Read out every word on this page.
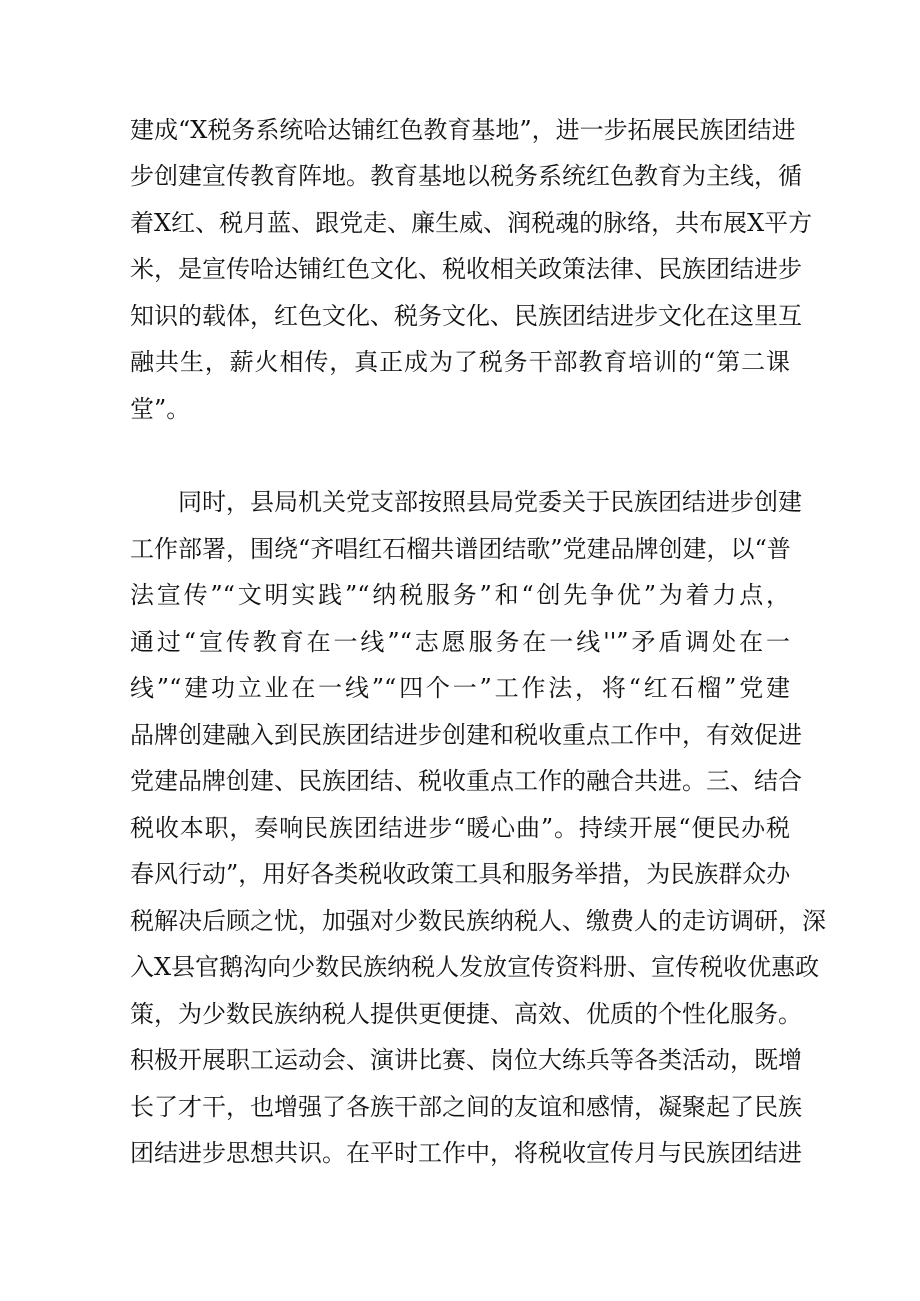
建成“X税务系统哈达铺红色教育基地”，进一步拓展民族团结进
步创建宣传教育阵地。教育基地以税务系统红色教育为主线，循
着X红、税月蓝、跟党走、廉生威、润税魂的脉络，共布展X平方
米，是宣传哈达铺红色文化、税收相关政策法律、民族团结进步
知识的载体，红色文化、税务文化、民族团结进步文化在这里互
融共生，薪火相传，真正成为了税务干部教育培训的“第二课
堂”。
同时，县局机关党支部按照县局党委关于民族团结进步创建
工作部署，围绕“齐唱红石榴共谱团结歌”党建品牌创建，以“普
法宣传”“文明实践”“纳税服务”和“创先争优”为着力点，
通过“宣传教育在一线”“志愿服务在一线''”矛盾调处在一
线”“建功立业在一线”“四个一”工作法，将“红石榴”党建
品牌创建融入到民族团结进步创建和税收重点工作中，有效促进
党建品牌创建、民族团结、税收重点工作的融合共进。三、结合
税收本职，奏响民族团结进步“暖心曲”。持续开展“便民办税
春风行动”，用好各类税收政策工具和服务举措，为民族群众办
税解决后顾之忧，加强对少数民族纳税人、缴费人的走访调研，深
入X县官鹅沟向少数民族纳税人发放宣传资料册、宣传税收优惠政
策，为少数民族纳税人提供更便捷、高效、优质的个性化服务。
积极开展职工运动会、演讲比赛、岗位大练兵等各类活动，既增
长了才干，也增强了各族干部之间的友谊和感情，凝聚起了民族
团结进步思想共识。在平时工作中，将税收宣传月与民族团结进
